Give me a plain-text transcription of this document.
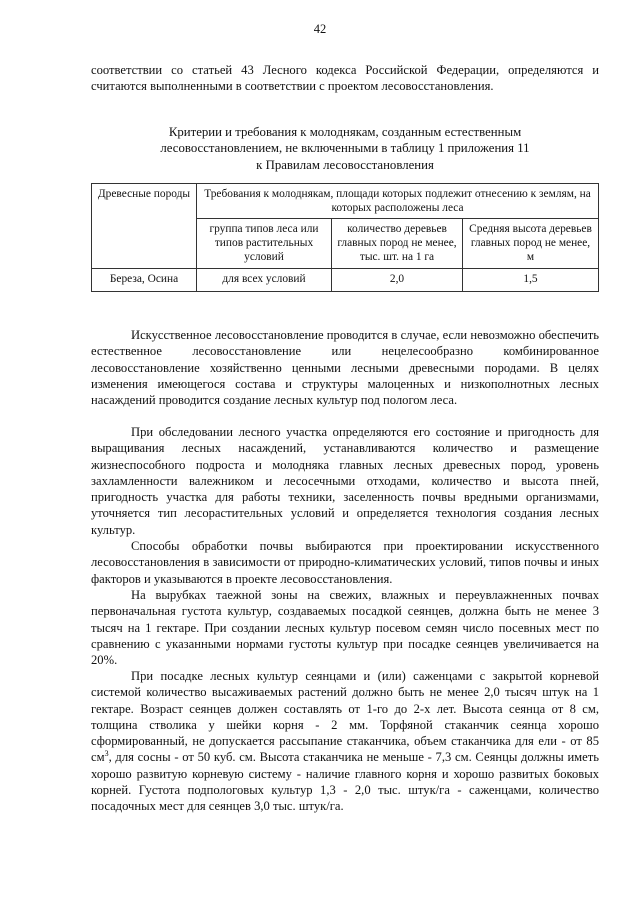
42

соответствии со статьей 43 Лесного кодекса Российской Федерации, определяются и считаются выполненными в соответствии с проектом лесовосстановления.

Критерии и требования к молоднякам, созданным естественным
лесовосстановлением, не включенными в таблицу 1 приложения 11
к Правилам лесовосстановления
Древесные породы	Требования к молоднякам, площади которых подлежит отнесению к землям, на которых расположены леса		
	группа типов леса или типов растительных условий	количество деревьев главных пород не менее, тыс. шт. на 1 га	Средняя высота деревьев главных пород не менее, м
Береза, Осина	для всех условий	2,0	1,5

Искусственное лесовосстановление проводится в случае, если невозможно обеспечить естественное лесовосстановление или нецелесообразно комбинированное лесовосстановление хозяйственно ценными лесными древесными породами. В целях изменения имеющегося состава и структуры малоценных и низкополнотных лесных насаждений проводится создание лесных культур под пологом леса.

При обследовании лесного участка определяются его состояние и пригодность для выращивания лесных насаждений, устанавливаются количество и размещение жизнеспособного подроста и молодняка главных лесных древесных пород, уровень захламленности валежником и лесосечными отходами, количество и высота пней, пригодность участка для работы техники, заселенность почвы вредными организмами, уточняется тип лесорастительных условий и определяется технология создания лесных культур.

Способы обработки почвы выбираются при проектировании искусственного лесовосстановления в зависимости от природно-климатических условий, типов почвы и иных факторов и указываются в проекте лесовосстановления.

На вырубках таежной зоны на свежих, влажных и переувлажненных почвах первоначальная густота культур, создаваемых посадкой сеянцев, должна быть не менее 3 тысяч на 1 гектаре. При создании лесных культур посевом семян число посевных мест по сравнению с указанными нормами густоты культур при посадке сеянцев увеличивается на 20%.

При посадке лесных культур сеянцами и (или) саженцами с закрытой корневой системой количество высаживаемых растений должно быть не менее 2,0 тысяч штук на 1 гектаре. Возраст сеянцев должен составлять от 1-го до 2-х лет. Высота сеянца от 8 см, толщина стволика у шейки корня - 2 мм. Торфяной стаканчик сеянца хорошо сформированный, не допускается рассыпание стаканчика, объем стаканчика для ели - от 85 $см^3$, для сосны - от 50 куб. см. Высота стаканчика не меньше - 7,3 см. Сеянцы должны иметь хорошо развитую корневую систему - наличие главного корня и хорошо развитых боковых корней. Густота подпологовых культур 1,3 - 2,0 тыс. штук/га - саженцами, количество посадочных мест для сеянцев 3,0 тыс. штук/га.
